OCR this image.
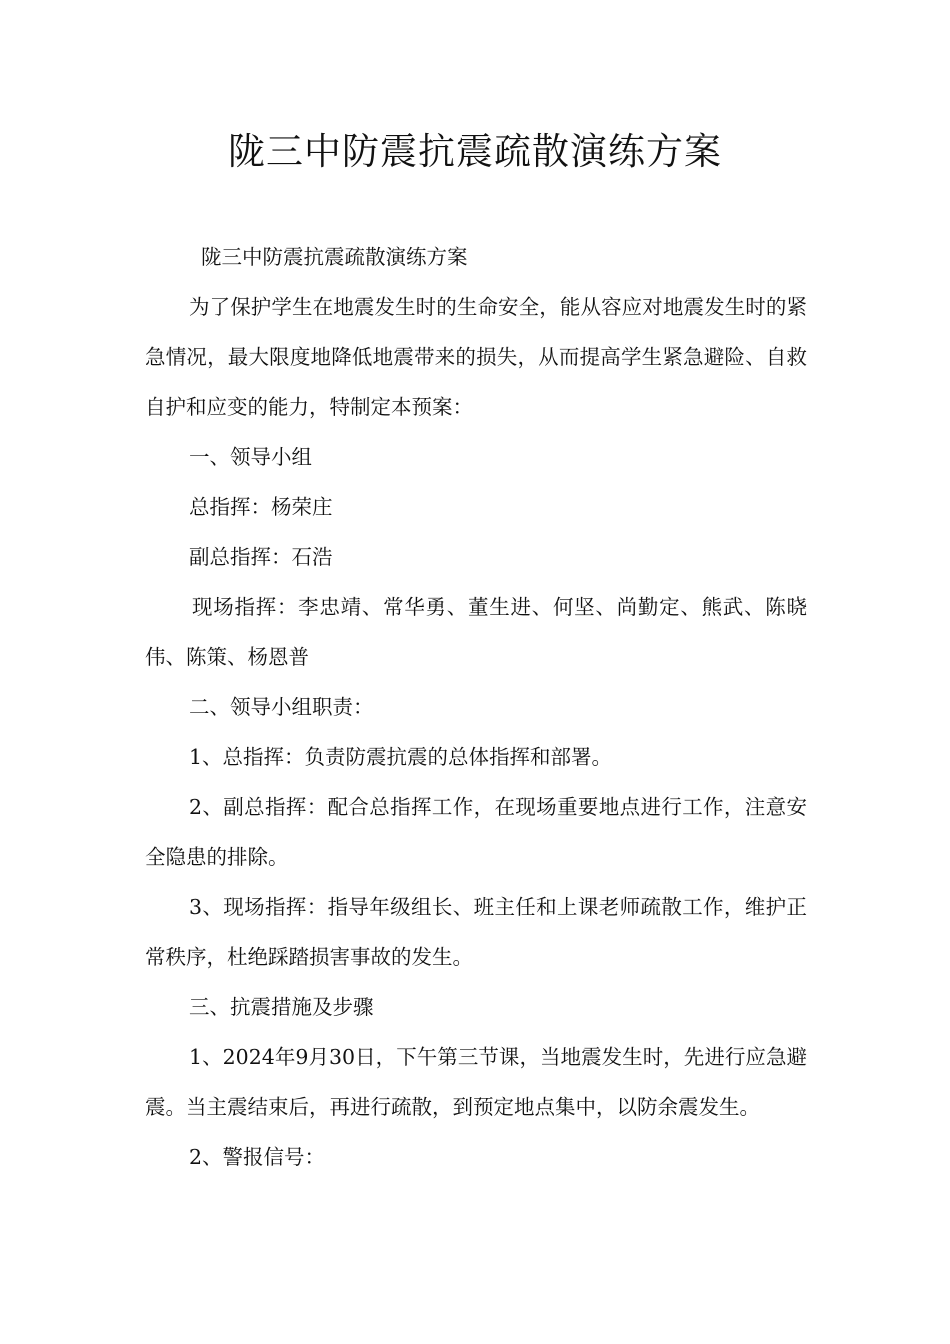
陇三中防震抗震疏散演练方案

陇三中防震抗震疏散演练方案

为了保护学生在地震发生时的生命安全，能从容应对地震发生时的紧急情况，最大限度地降低地震带来的损失，从而提高学生紧急避险、自救自护和应变的能力，特制定本预案：

一、领导小组

总指挥：杨荣庄

副总指挥：石浩

现场指挥：李忠靖、常华勇、董生进、何坚、尚勤定、熊武、陈晓伟、陈策、杨恩普

二、领导小组职责：

1、总指挥：负责防震抗震的总体指挥和部署。

2、副总指挥：配合总指挥工作，在现场重要地点进行工作，注意安全隐患的排除。

3、现场指挥：指导年级组长、班主任和上课老师疏散工作，维护正常秩序，杜绝踩踏损害事故的发生。

三、抗震措施及步骤

1、2024年9月30日，下午第三节课，当地震发生时，先进行应急避震。当主震结束后，再进行疏散，到预定地点集中，以防余震发生。

2、警报信号：
